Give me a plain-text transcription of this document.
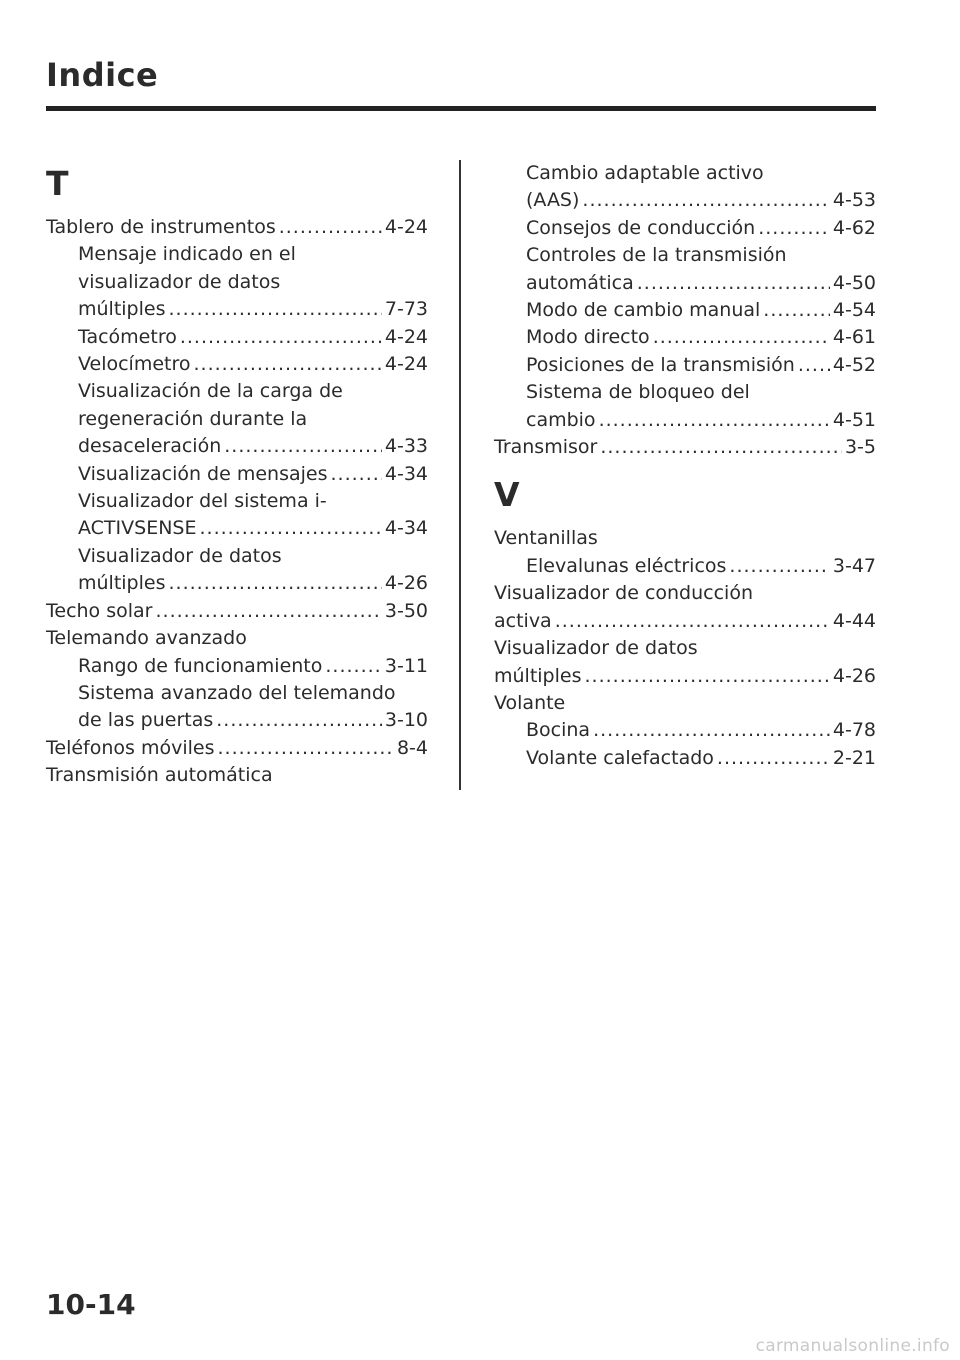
Indice
T
Tablero de instrumentos .....	4-24
Mensaje indicado en el
visualizador de datos
múltiples .....	7-73
Tacómetro .....	4-24
Velocímetro .....	4-24
Visualización de la carga de
regeneración durante la
desaceleración .....	4-33
Visualización de mensajes .....	4-34
Visualizador del sistema i-
ACTIVSENSE .....	4-34
Visualizador de datos
múltiples .....	4-26
Techo solar .....	3-50
Telemando avanzado
Rango de funcionamiento .....	3-11
Sistema avanzado del telemando
de las puertas .....	3-10
Teléfonos móviles .....	8-4
Transmisión automática
Cambio adaptable activo
(AAS) .....	4-53
Consejos de conducción .....	4-62
Controles de la transmisión
automática .....	4-50
Modo de cambio manual .....	4-54
Modo directo .....	4-61
Posiciones de la transmisión ..... 4-52
Sistema de bloqueo del
cambio .....	4-51
Transmisor .....	3-5
V
Ventanillas
Elevalunas eléctricos .....	3-47
Visualizador de conducción
activa .....	4-44
Visualizador de datos
múltiples .....	4-26
Volante
Bocina .....	4-78
Volante calefactado .....	2-21
10-14
carmanualsonline.info
